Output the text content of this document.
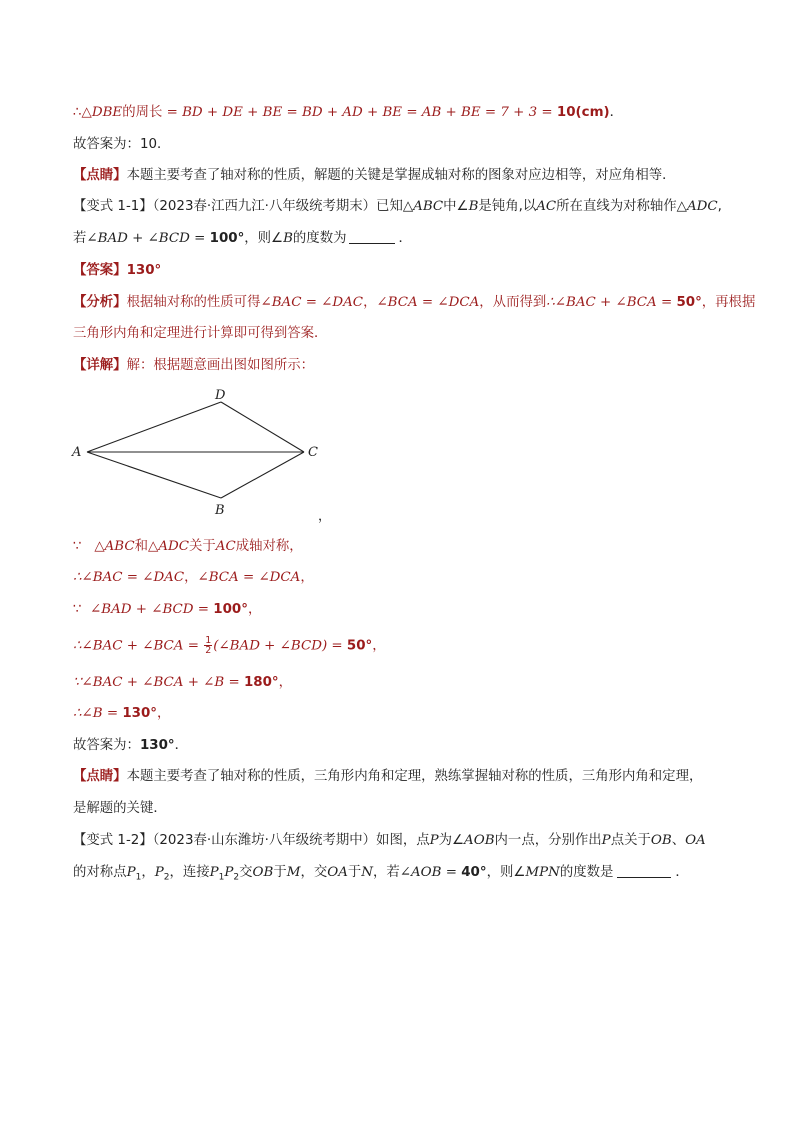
∴△DBE的周长 = BD + DE + BE = BD + AD + BE = AB + BE = 7 + 3 = 10(cm)．
故答案为：10．
【点睛】本题主要考查了轴对称的性质，解题的关键是掌握成轴对称的图象对应边相等，对应角相等．
【变式 1-1】（2023春·江西九江·八年级统考期末）已知△ABC中∠B是钝角,以AC所在直线为对称轴作△ADC,
若∠BAD + ∠BCD = 100°，则∠B的度数为	．
【答案】130°
【分析】根据轴对称的性质可得∠BAC = ∠DAC，∠BCA = ∠DCA，从而得到∴∠BAC + ∠BCA = 50°，再根据
三角形内角和定理进行计算即可得到答案．
【详解】解：根据题意画出图如图所示：
D
A	C
B	，
∵ △ABC和△ADC关于AC成轴对称，
∴∠BAC = ∠DAC，∠BCA = ∠DCA，
∵ ∠BAD + ∠BCD = 100°，
∴∠BAC + ∠BCA = $\frac{1}{2}$ (∠BAD + ∠BCD) = 50°，
∵∠BAC + ∠BCA + ∠B = 180°，
∴∠B = 130°，
故答案为：130°．
【点睛】本题主要考查了轴对称的性质，三角形内角和定理，熟练掌握轴对称的性质，三角形内角和定理，
是解题的关键．
【变式 1-2】（2023春·山东潍坊·八年级统考期中）如图，点P为∠AOB内一点，分别作出P点关于OB、OA
的对称点$P_1$，$P_2$，连接$P_1P_2$交OB于M，交OA于N，若∠AOB = 40°，则∠MPN的度数是	．
